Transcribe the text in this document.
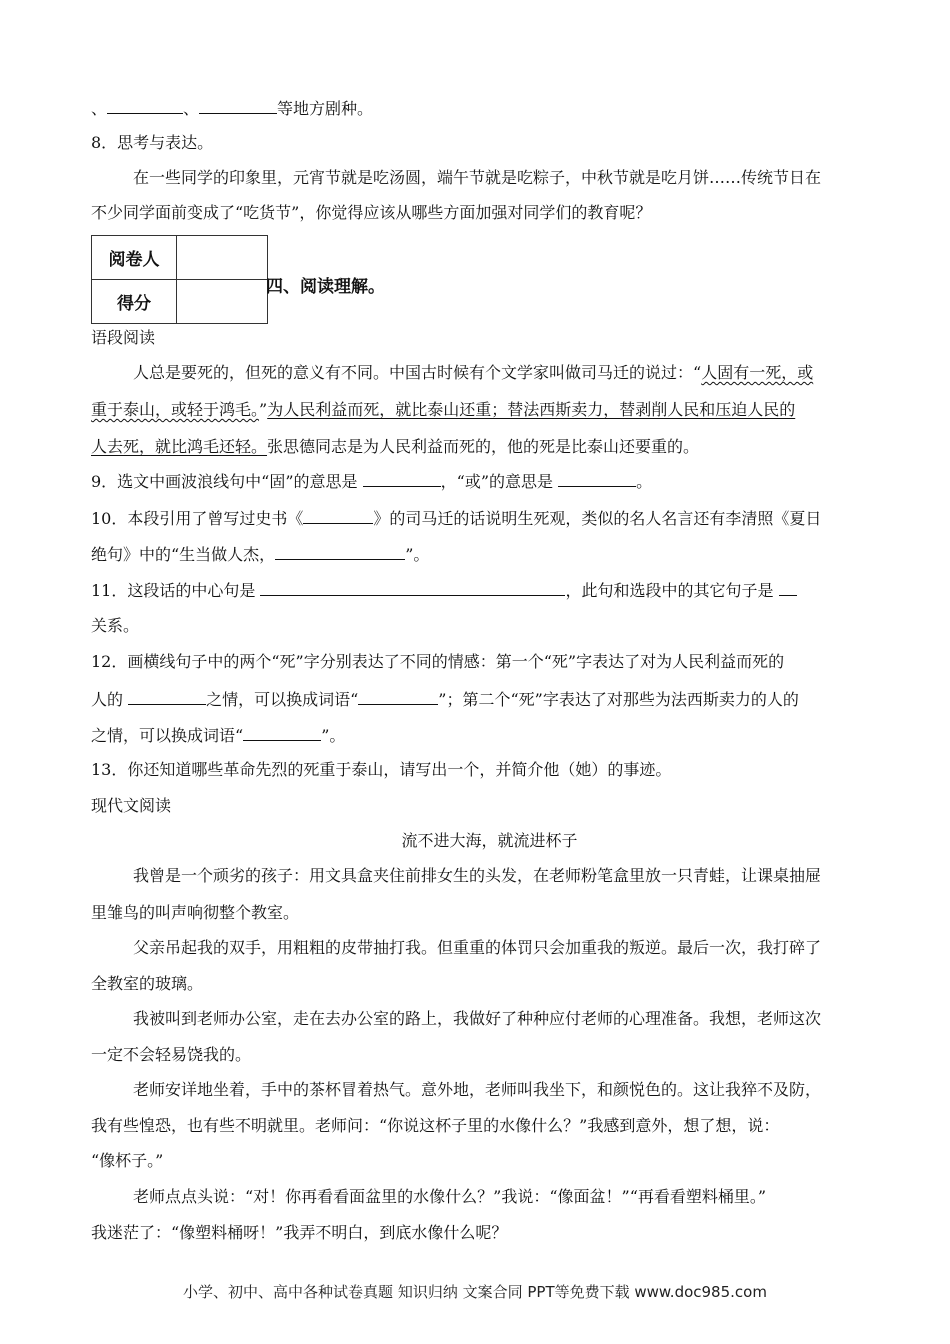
、	、	等地方剧种。
8．思考与表达。
在一些同学的印象里，元宵节就是吃汤圆，端午节就是吃粽子，中秋节就是吃月饼……传统节日在
不少同学面前变成了“吃货节”，你觉得应该从哪些方面加强对同学们的教育呢？
阅卷人	
得分	
四、阅读理解。
语段阅读
人总是要死的，但死的意义有不同。中国古时候有个文学家叫做司马迁的说过：“人固有一死，或
重于泰山，或轻于鸿毛。”为人民利益而死，就比泰山还重；替法西斯卖力，替剥削人民和压迫人民的
人去死，就比鸿毛还轻。张思德同志是为人民利益而死的，他的死是比泰山还要重的。
9．选文中画波浪线句中“固”的意思是	，“或”的意思是	。
10．本段引用了曾写过史书《	》的司马迁的话说明生死观，类似的名人名言还有李清照《夏日
绝句》中的“生当做人杰，	”。
11．这段话的中心句是	，此句和选段中的其它句子是
关系。
12．画横线句子中的两个“死”字分别表达了不同的情感：第一个“死”字表达了对为人民利益而死的
人的	之情，可以换成词语“	”；第二个“死”字表达了对那些为法西斯卖力的人的
之情，可以换成词语“	”。
13．你还知道哪些革命先烈的死重于泰山，请写出一个，并简介他（她）的事迹。
现代文阅读
流不进大海，就流进杯子
我曾是一个顽劣的孩子：用文具盒夹住前排女生的头发，在老师粉笔盒里放一只青蛙，让课桌抽屉
里雏鸟的叫声响彻整个教室。
父亲吊起我的双手，用粗粗的皮带抽打我。但重重的体罚只会加重我的叛逆。最后一次，我打碎了
全教室的玻璃。
我被叫到老师办公室，走在去办公室的路上，我做好了种种应付老师的心理准备。我想，老师这次
一定不会轻易饶我的。
老师安详地坐着，手中的茶杯冒着热气。意外地，老师叫我坐下，和颜悦色的。这让我猝不及防，
我有些惶恐，也有些不明就里。老师问：“你说这杯子里的水像什么？”我感到意外，想了想，说：
“像杯子。”
老师点点头说：“对！你再看看面盆里的水像什么？”我说：“像面盆！”“再看看塑料桶里。”
我迷茫了：“像塑料桶呀！”我弄不明白，到底水像什么呢？
小学、初中、高中各种试卷真题 知识归纳 文案合同 PPT等免费下载 www.doc985.com
